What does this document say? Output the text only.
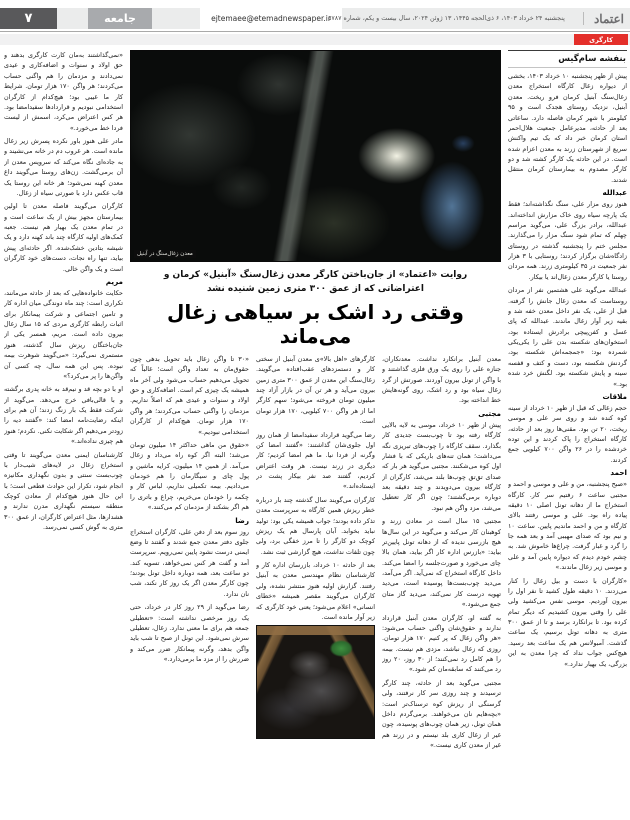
۷	جامعه	ejtemaee@etemadnewspaper.ir
پنجشنبه ۲۴ خرداد ۱۴۰۳، ۶ ذی‌الحجه ۱۴۴۵، ۱۳ ژوئن ۲۰۲۴، سال بیست و یکم، شماره ۵۷۸۷	اعتماد
کارگری
بنفشه سام‌گیس
پیش از ظهر پنجشنبه ۱۰ خرداد ۱۴۰۳، بخشی از دیواره زغال کارگاه استخراج معدن زغال‌سنگ آبنیل کرمان فرو ریخت. معدن آبنیل، نزدیک روستای هجدک است و ۹۵ کیلومتر با شهر کرمان فاصله دارد. ساعاتی بعد از حادثه، مدیرعامل جمعیت هلال‌احمر استان کرمان خبر داد که یک تیم واکنش سریع از شهرستان زرند به معدن اعزام شده است. در این حادثه یک کارگر کشته شد و دو کارگر مصدوم به بیمارستان کرمان منتقل شدند.
عبدالله
هنوز روی مزار علی، سنگ نگذاشته‌اند؛ فقط یک پارچه سیاه روی خاک مزارش انداخته‌اند. عبدالله، برادر بزرگ علی، می‌گوید مراسم چهلم که تمام شود سنگ مزار را می‌گذارند. مجلس ختم را پنجشنبه گذشته در روستای زادگاه‌شان برگزار کردند؛ روستایی با ۳ هزار نفر جمعیت در ۳۵ کیلومتری زرند. همه مردان روستا یا کارگر معدن زغال‌اند یا بیکار.
عبدالله می‌گوید علی هشتمین نفر از مردان روستاست که معدن زغال جانش را گرفته. قبل از علی، یک نفر داخل معدن خفه شد و بقیه زیر آوار زغال ماندند. عبدالله که پای غسل و کفن‌پیچی برادرش ایستاده بود، استخوان‌های شکسته بدن علی را یکی‌یکی شمرده بود: «جمجمه‌اش شکسته بود، گردنش شکسته بود، دست و کتف و قفسه سینه و پایش شکسته بود. لگنش خرد شده بود.»
ملاقات
حجم زغالی که قبل از ظهر ۱۰ خرداد از سینه کوه کنده شد و روی سر علی و موسی ریخت، ۲۰ تن بود. مقنی‌ها روز بعد از حادثه، کارگاه استخراج را پاک کردند و این توده خردشده را در ۲۶ واگن ۷۰۰ کیلویی جمع کردند.
احمد
«صبح پنجشنبه، من و علی و موسی و احمد و مجتبی ساعت ۶ رفتیم سر کار. کارگاه استخراج ما از دهانه تونل اصلی ۱۰ دقیقه پیاده راه بود. علی و موسی رفتند بالای کارگاه و من و احمد ماندیم پایین. ساعت ۱۰ و نیم بود که صدای مهیبی آمد و بعد همه جا را گرد و غبار گرفت. چراغ‌ها خاموش شد. به چشم خودم دیدم که دیواره پایین آمد و علی و موسی زیر زغال ماندند.»
«کارگران با دست و بیل زغال را کنار می‌زدند. ۱۰ دقیقه طول کشید تا نفر اول را بیرون آوردیم. موسی نفس می‌کشید ولی علی را وقتی بیرون کشیدیم که دیگر تمام کرده بود. تا برانکارد برسد و تا از عمق ۳۰۰ متری به دهانه تونل برسیم، یک ساعت گذشت. آمبولانس هم یک ساعت بعد رسید. هیچ‌کس جواب نداد که چرا معدن به این بزرگی، یک بهیار ندارد.»
معدن زغال‌سنگ در آبنیل
روایت «اعتماد» از جان‌باختن کارگر معدن زغال‌سنگ «آبنیل» کرمان و اعتراضاتی که از عمق ۳۰۰ متری زمین شنیده نشد
وقتی رد اشک بر سیاهی زغال می‌ماند
معدن آبنیل برانکارد نداشت. معدنکاران، جنازه علی را روی یک ورق فلزی گذاشتند و با واگن از تونل بیرون آوردند. صورتش از گرد زغال سیاه بود و رد اشک، روی گونه‌هایش خط انداخته بود.
مجتبی
پیش از ظهر ۱۰ خرداد، موسی به لایه بالایی کارگاه رفته بود تا چوب‌بست جدیدی کار بگذارد. سقف کارگاه را چوب‌های تبریزی نگه می‌داشت؛ همان تنه‌های باریکی که با فشار اول کوه می‌شکنند. مجتبی می‌گوید هر بار که صدای تق‌تق چوب‌ها بلند می‌شد، کارگران از کارگاه بیرون می‌دویدند و چند دقیقه بعد دوباره برمی‌گشتند؛ چون اگر کار تعطیل می‌شد، مزد واگن هم نبود.
مجتبی ۱۵ سال است در معادن زرند و کوهبنان کار می‌کند و می‌گوید در این سال‌ها هیچ بازرسی ندیده که از دهانه تونل پایین‌تر بیاید: «بازرس اداره کار اگر بیاید، همان بالا چای می‌خورد و صورت‌جلسه را امضا می‌کند. داخل کارگاه استخراج که نمی‌آید. اگر می‌آمد، می‌دید چوب‌بست‌ها پوسیده است، می‌دید تهویه درست کار نمی‌کند، می‌دید گاز متان جمع می‌شود.»
به گفته او، کارگران معدن آبنیل قرارداد ندارند و حقوق‌شان واگنی حساب می‌شود: «هر واگن زغال که پر کنیم ۱۷۰ هزار تومان. روزی که زغال نباشد، مزدی هم نیست. بیمه را هم کامل رد نمی‌کنند؛ از ۳۰ روز، ۲۰ روز رد می‌کنند که سابقه‌مان کم شود.»
مجتبی می‌گوید بعد از حادثه، چند کارگر ترسیدند و چند روزی سر کار نرفتند، ولی گرسنگی از ریزش کوه ترسناک‌تر است: «بچه‌هایم نان می‌خواهند. برمی‌گردم داخل همان تونل، زیر همان چوب‌های پوسیده، چون غیر از زغال کاری بلد نیستم و در زرند هم غیر از معدن کاری نیست.»
کارگرهای «اهل بالا»ی معدن آبنیل از سختی کار و دستمزدهای عقب‌افتاده می‌گویند. زغال‌سنگ این معدن از عمق ۳۰۰ متری زمین بیرون می‌آید و هر تن آن در بازار آزاد چند میلیون تومان فروخته می‌شود؛ سهم کارگر اما از هر واگن ۷۰۰ کیلویی، ۱۷۰ هزار تومان است.
رضا می‌گوید قرارداد سفیدامضا از همان روز اول جلوی‌شان گذاشتند: «گفتند امضا کن وگرنه از فردا نیا. ما هم امضا کردیم؛ کار دیگری در زرند نیست. هر وقت اعتراض کردیم، گفتند صد نفر بیکار پشت در ایستاده‌اند.»
کارگران می‌گویند سال گذشته چند بار درباره خطر ریزش همین کارگاه به سرپرست معدن تذکر داده بودند؛ جواب همیشه یکی بود: تولید نباید بخوابد. آبان پارسال هم یک ریزش کوچک دو کارگر را تا مرز خفگی برد، ولی چون تلفات نداشت، هیچ گزارشی ثبت نشد.
بعد از حادثه ۱۰ خرداد، بازرسان اداره کار و کارشناسان نظام مهندسی معدن به آبنیل رفتند. گزارش اولیه هنوز منتشر نشده، ولی کارگران می‌گویند مقصر همیشه «خطای انسانی» اعلام می‌شود؛ یعنی خود کارگری که زیر آوار مانده است.
«۳۰ تا واگن زغال باید تحویل بدهی چون حقوق‌مان به تعداد واگن است؛ غالباً که تحویل می‌دهیم حساب می‌شود ولی آخر ماه همیشه یک چیزی کم است. اضافه‌کاری و حق اولاد و سنوات و عیدی هم که اصلاً نداریم. مزدمان را واگنی حساب می‌کردند؛ هر واگن ۱۷۰ هزار تومان. هیچ‌کدام از کارگران استخدامی نبودیم.»
«حقوق من ماهی حداکثر ۱۴ میلیون تومان می‌شد؛ البته اگر کوه راه می‌داد و زغال می‌آمد. از همین ۱۴ میلیون، کرایه ماشین و پول چای و سیگارمان را هم خودمان می‌دادیم. بیمه تکمیلی نداریم، لباس کار و چکمه را خودمان می‌خریم، چراغ و باتری را هم اگر بشکند از مزدمان کم می‌کنند.»
رضا
روز سوم بعد از دفن علی، کارگران استخراج جلوی دفتر معدن جمع شدند و گفتند تا وضع ایمنی درست نشود پایین نمی‌رویم. سرپرست آمد و گفت هر کس نمی‌خواهد، تسویه کند. دو ساعت بعد، همه دوباره داخل تونل بودند؛ چون کارگر معدن اگر یک روز کار نکند، شب نان ندارد.
رضا می‌گوید از ۲۹ روز کار در خرداد، حتی یک روز مرخصی نداشته است: «تعطیلی جمعه هم برای ما معنی ندارد. زغال، تعطیلی سرش نمی‌شود. این تونل از صبح تا شب باید واگن بدهد، وگرنه پیمانکار ضرر می‌کند و ضررش را از مزد ما برمی‌دارد.»
«نمی‌گذاشتند به‌مان کارت کارگری بدهند و حق اولاد و سنوات و اضافه‌کاری و عیدی نمی‌دادند و مزدمان را هم واگنی حساب می‌کردند؛ هر واگن ۱۷۰ هزار تومان. شرایط کار ما غیبی بود؛ هیچ‌کدام از کارگران استخدامی نبودیم و قراردادها سفیدامضا بود. هر کس اعتراض می‌کرد، اسمش از لیست فردا خط می‌خورد.»
مادر علی هنوز باور نکرده پسرش زیر زغال مانده است. هر غروب دم در خانه می‌نشیند و به جاده‌ای نگاه می‌کند که سرویس معدن از آن برمی‌گشت. زن‌های روستا می‌گویند داغ معدن کهنه نمی‌شود؛ هر خانه این روستا یک قاب عکس دارد با صورتی سیاه از زغال.
کارگران می‌گویند فاصله معدن تا اولین بیمارستان مجهز بیش از یک ساعت است و در تمام معدن یک بهیار هم نیست. جعبه کمک‌های اولیه کارگاه چند باند کهنه دارد و یک شیشه بتادین خشک‌شده. اگر حادثه‌ای پیش بیاید، تنها راه نجات، دست‌های خود کارگران است و یک واگن خالی.
مریم
حکایت خانواده‌هایی که بعد از حادثه می‌مانند، تکراری است: چند ماه دوندگی میان اداره کار و تامین اجتماعی و شرکت پیمانکار برای اثبات رابطه کارگری مردی که ۱۵ سال زغال بیرون داده است. مریم، همسر یکی از جان‌باختگان ریزش سال گذشته، هنوز مستمری نمی‌گیرد: «می‌گویند شوهرت بیمه نبوده. پس این همه سال، چه کسی آن واگن‌ها را پر می‌کرد؟»
او با دو بچه قد و نیم‌قد به خانه پدری برگشته و با قالی‌بافی خرج می‌دهد. می‌گوید از شرکت فقط یک بار زنگ زدند؛ آن هم برای اینکه رضایت‌نامه امضا کند: «گفتند دیه را زودتر می‌دهیم اگر شکایت نکنی. نکردم؛ هنوز هم چیزی نداده‌اند.»
کارشناسان ایمنی معدن می‌گویند تا وقتی استخراج زغال در لایه‌های شیب‌دار با چوب‌بست سنتی و بدون نگهداری مکانیزه انجام شود، تکرار این حوادث قطعی است؛ با این حال هنوز هیچ‌کدام از معادن کوچک منطقه سیستم نگهداری مدرن ندارند و هشدارها، مثل اعتراض کارگران، از عمق ۳۰۰ متری به گوش کسی نمی‌رسد.
